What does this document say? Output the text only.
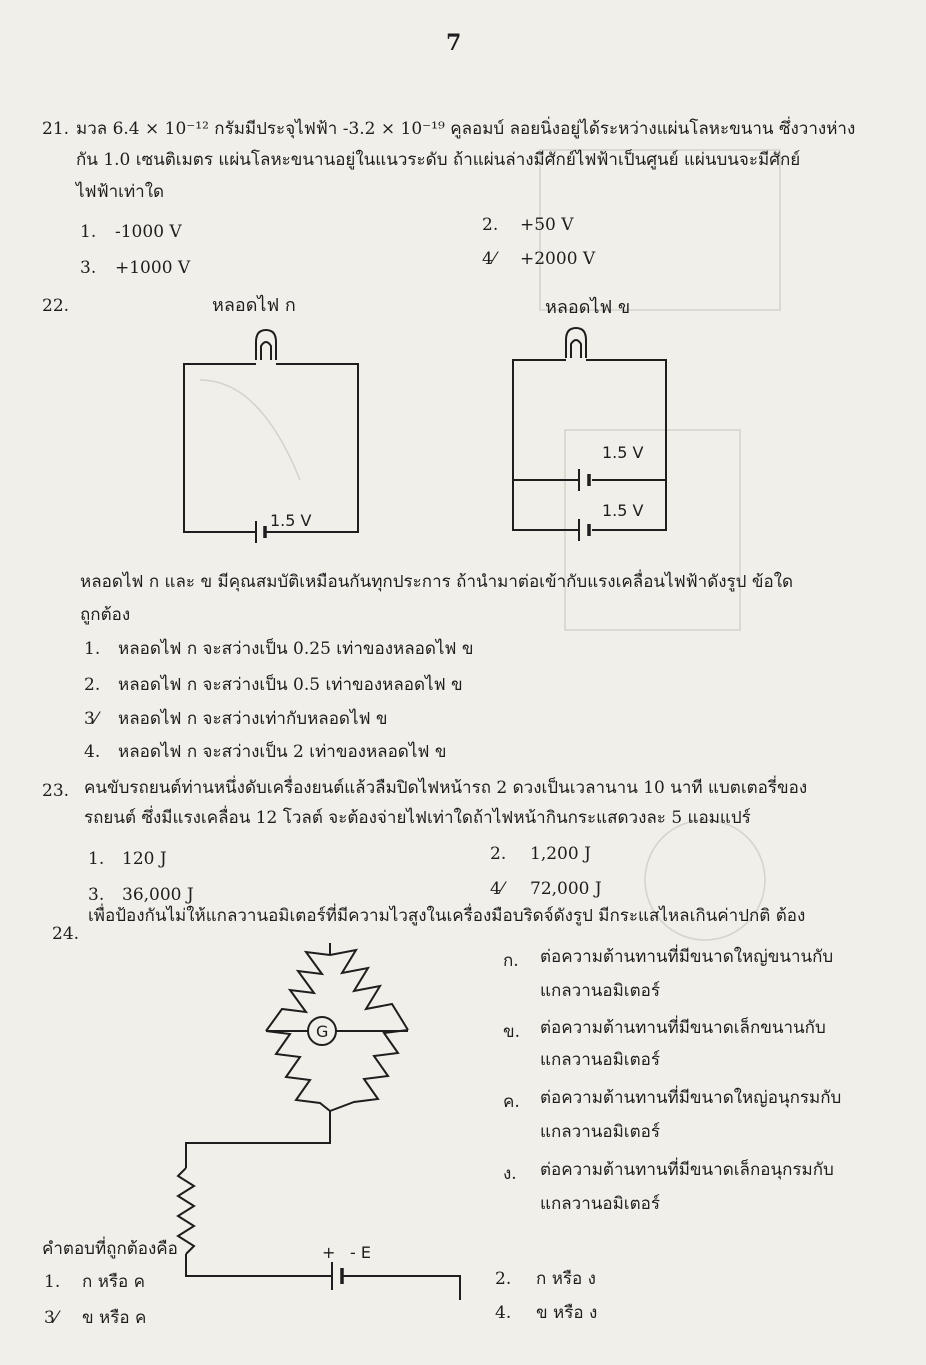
7
21. มวล 6.4 × 10⁻¹² กรัมมีประจุไฟฟ้า -3.2 × 10⁻¹⁹ คูลอมบ์ ลอยนิ่งอยู่ได้ระหว่างแผ่นโลหะขนาน ซึ่งวางห่าง
กัน 1.0 เซนติเมตร แผ่นโลหะขนานอยู่ในแนวระดับ ถ้าแผ่นล่างมีศักย์ไฟฟ้าเป็นศูนย์ แผ่นบนจะมีศักย์
ไฟฟ้าเท่าใด
1. -1000 V	2. +50 V
3. +1000 V	4⁄ +2000 V
22.	หลอดไฟ ก	หลอดไฟ ข
1.5 V
1.5 V
1.5 V
หลอดไฟ ก และ ข มีคุณสมบัติเหมือนกันทุกประการ ถ้านำมาต่อเข้ากับแรงเคลื่อนไฟฟ้าดังรูป ข้อใด
ถูกต้อง
1. หลอดไฟ ก จะสว่างเป็น 0.25 เท่าของหลอดไฟ ข
2. หลอดไฟ ก จะสว่างเป็น 0.5 เท่าของหลอดไฟ ข
3⁄ หลอดไฟ ก จะสว่างเท่ากับหลอดไฟ ข
4. หลอดไฟ ก จะสว่างเป็น 2 เท่าของหลอดไฟ ข
23. คนขับรถยนต์ท่านหนึ่งดับเครื่องยนต์แล้วลืมปิดไฟหน้ารถ 2 ดวงเป็นเวลานาน 10 นาที แบตเตอรี่ของ
รถยนต์ ซึ่งมีแรงเคลื่อน 12 โวลต์ จะต้องจ่ายไฟเท่าใดถ้าไฟหน้ากินกระแสดวงละ 5 แอมแปร์
1. 120 J	2. 1,200 J
3. 36,000 J	4⁄ 72,000 J
24.
เพื่อป้องกันไม่ให้แกลวานอมิเตอร์ที่มีความไวสูงในเครื่องมือบริดจ์ดังรูป มีกระแสไหลเกินค่าปกติ ต้อง
G
+ - E
ก. ต่อความต้านทานที่มีขนาดใหญ่ขนานกับ
แกลวานอมิเตอร์
ข. ต่อความต้านทานที่มีขนาดเล็กขนานกับ
แกลวานอมิเตอร์
ค. ต่อความต้านทานที่มีขนาดใหญ่อนุกรมกับ
แกลวานอมิเตอร์
ง. ต่อความต้านทานที่มีขนาดเล็กอนุกรมกับ
แกลวานอมิเตอร์
คำตอบที่ถูกต้องคือ
1. ก หรือ ค	2. ก หรือ ง
3⁄ ข หรือ ค	4. ข หรือ ง
